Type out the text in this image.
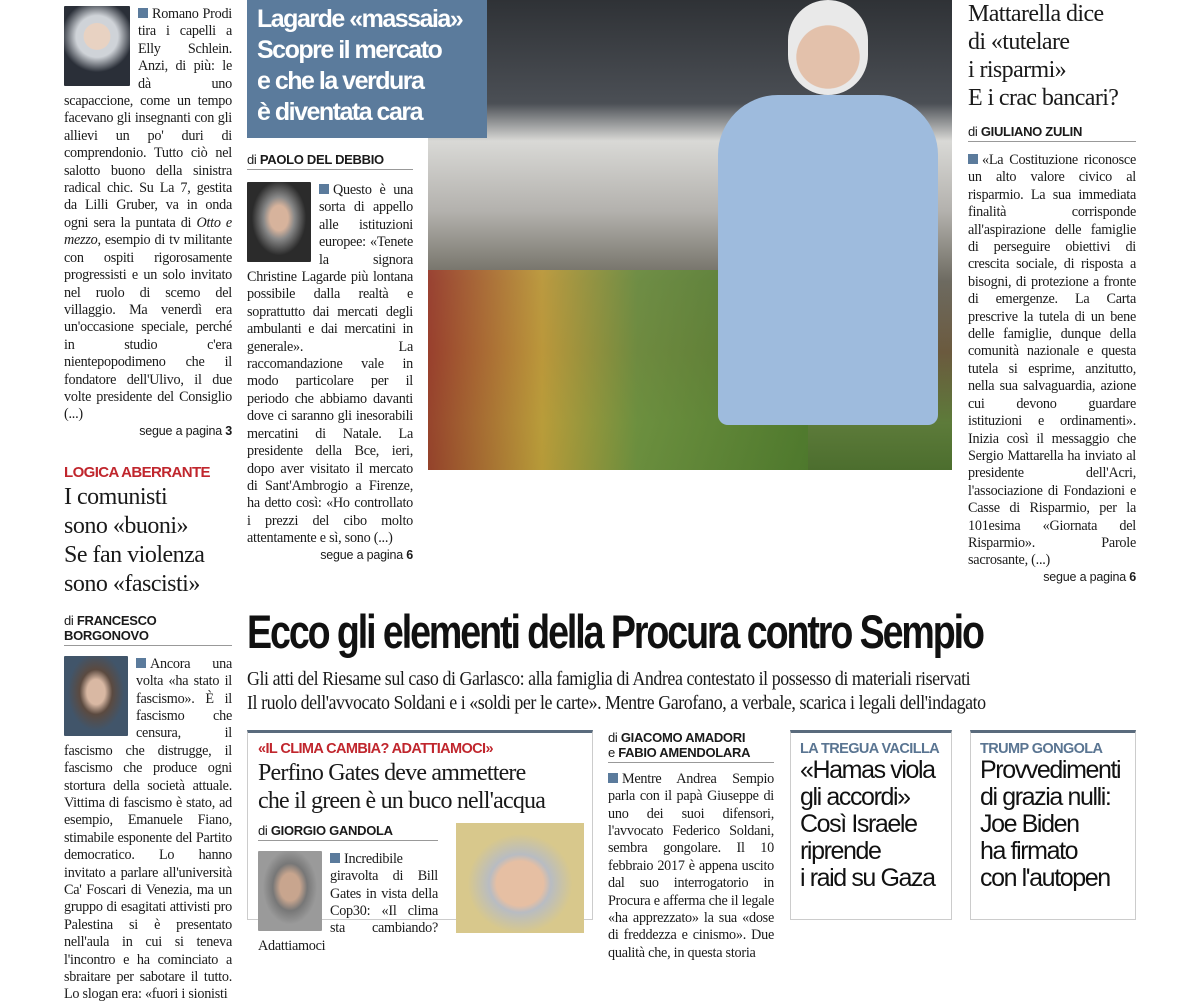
Romano Prodi tira i capelli a Elly Schlein. Anzi, di più: le dà uno scapaccione, come un tempo facevano gli insegnanti con gli allievi un po' duri di comprendonio. Tutto ciò nel salotto buono della sinistra radical chic. Su La 7, gestita da Lilli Gruber, va in onda ogni sera la puntata di Otto e mezzo, esempio di tv militante con ospiti rigorosamente progressisti e un solo invitato nel ruolo di scemo del villaggio. Ma venerdì era un'occasione speciale, perché in studio c'era nientepopodimeno che il fondatore dell'Ulivo, il due volte presidente del Consiglio (...)
segue a pagina 3
LOGICA ABERRANTE
I comunisti
sono «buoni»
Se fan violenza
sono «fascisti»
di FRANCESCO BORGONOVO
Ancora una volta «ha stato il fascismo». È il fascismo che censura, il fascismo che distrugge, il fascismo che produce ogni stortura della società attuale. Vittima di fascismo è stato, ad esempio, Emanuele Fiano, stimabile esponente del Partito democratico. Lo hanno invitato a parlare all'università Ca' Foscari di Venezia, ma un gruppo di esagitati attivisti pro Palestina si è presentato nell'aula in cui si teneva l'incontro e ha cominciato a sbraitare per sabotare il tutto. Lo slogan era: «fuori i sionisti
Lagarde «massaia»
Scopre il mercato
e che la verdura
è diventata cara
di PAOLO DEL DEBBIO
Questo è una sorta di appello alle istituzioni europee: «Tenete la signora Christine Lagarde più lontana possibile dalla realtà e soprattutto dai mercati degli ambulanti e dai mercatini in generale». La raccomandazione vale in modo particolare per il periodo che abbiamo davanti dove ci saranno gli inesorabili mercatini di Natale. La presidente della Bce, ieri, dopo aver visitato il mercato di Sant'Ambrogio a Firenze, ha detto così: «Ho controllato i prezzi del cibo molto attentamente e sì, sono (...)
segue a pagina 6
Mattarella dice
di «tutelare
i risparmi»
E i crac bancari?
di GIULIANO ZULIN
«La Costituzione riconosce un alto valore civico al risparmio. La sua immediata finalità corrisponde all'aspirazione delle famiglie di perseguire obiettivi di crescita sociale, di risposta a bisogni, di protezione a fronte di emergenze. La Carta prescrive la tutela di un bene delle famiglie, dunque della comunità nazionale e questa tutela si esprime, anzitutto, nella sua salvaguardia, azione cui devono guardare istituzioni e ordinamenti». Inizia così il messaggio che Sergio Mattarella ha inviato al presidente dell'Acri, l'associazione di Fondazioni e Casse di Risparmio, per la 101esima «Giornata del Risparmio». Parole sacrosante, (...)
segue a pagina 6
Ecco gli elementi della Procura contro Sempio
Gli atti del Riesame sul caso di Garlasco: alla famiglia di Andrea contestato il possesso di materiali riservati
Il ruolo dell'avvocato Soldani e i «soldi per le carte». Mentre Garofano, a verbale, scarica i legali dell'indagato
«IL CLIMA CAMBIA? ADATTIAMOCI»
Perfino Gates deve ammettere
che il green è un buco nell'acqua
di GIORGIO GANDOLA
Incredibile giravolta di Bill Gates in vista della Cop30: «Il clima sta cambiando? Adattiamoci
di GIACOMO AMADORI
e FABIO AMENDOLARA
Mentre Andrea Sempio parla con il papà Giuseppe di uno dei suoi difensori, l'avvocato Federico Soldani, sembra gongolare. Il 10 febbraio 2017 è appena uscito dal suo interrogatorio in Procura e afferma che il legale «ha apprezzato» la sua «dose di freddezza e cinismo». Due qualità che, in questa storia
LA TREGUA VACILLA
«Hamas viola
gli accordi»
Così Israele
riprende
i raid su Gaza
TRUMP GONGOLA
Provvedimenti
di grazia nulli:
Joe Biden
ha firmato
con l'autopen
